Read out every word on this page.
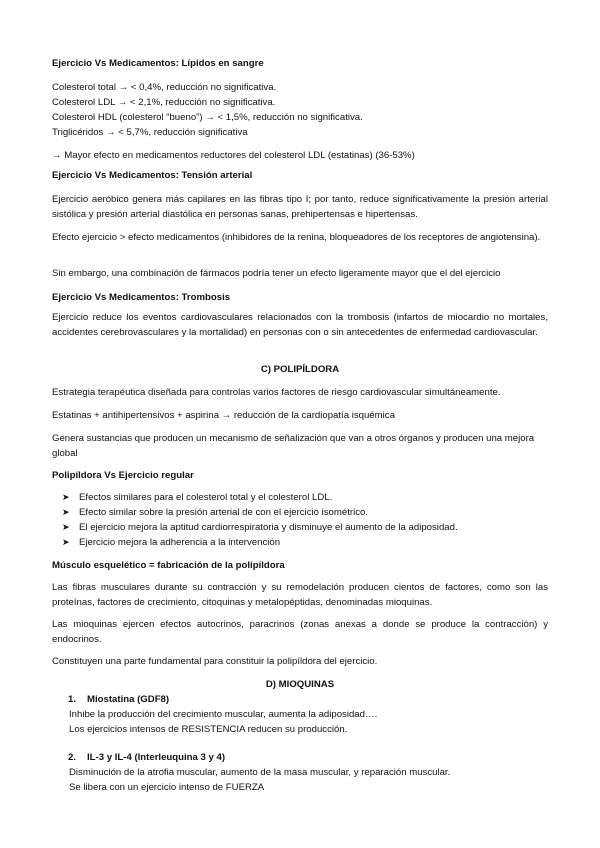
Ejercicio Vs Medicamentos: Lípidos en sangre
Colesterol total → < 0,4%, reducción no significativa.
Colesterol LDL → < 2,1%, reducción no significativa.
Colesterol HDL (colesterol “bueno”) → < 1,5%, reducción no significativa.
Triglicéridos → < 5,7%, reducción significativa
→ Mayor efecto en medicamentos reductores del colesterol LDL (estatinas) (36-53%)
Ejercicio Vs Medicamentos: Tensión arterial
Ejercicio aeróbico genera más capilares en las fibras tipo I; por tanto, reduce significativamente la presión arterial sistólica y presión arterial diastólica en personas sanas, prehipertensas e hipertensas.
Efecto ejercicio > efecto medicamentos (inhibidores de la renina, bloqueadores de los receptores de angiotensina).
Sin embargo, una combinación de fármacos podría tener un efecto ligeramente mayor que el del ejercicio
Ejercicio Vs Medicamentos: Trombosis
Ejercicio reduce los eventos cardiovasculares relacionados con la trombosis (infartos de miocardio no mortales, accidentes cerebrovasculares y la mortalidad) en personas con o sin antecedentes de enfermedad cardiovascular.
C) POLIPÍLDORA
Estrategia terapéutica diseñada para controlas varios factores de riesgo cardiovascular simultáneamente.
Estatinas + antihipertensivos + aspirina → reducción de la cardiopatía isquémica
Genera sustancias que producen un mecanismo de señalización que van a otros órganos y producen una mejora global
Polipíldora Vs Ejercicio regular
➤ Efectos similares para el colesterol total y el colesterol LDL.
➤ Efecto similar sobre la presión arterial de con el ejercicio isométrico.
➤ El ejercicio mejora la aptitud cardiorrespiratoria y disminuye el aumento de la adiposidad.
➤ Ejercicio mejora la adherencia a la intervención
Músculo esquelético = fabricación de la polipíldora
Las fibras musculares durante su contracción y su remodelación producen cientos de factores, como son las proteínas, factores de crecimiento, citoquinas y metalopéptidas, denominadas mioquinas.
Las mioquinas ejercen efectos autocrinos, paracrinos (zonas anexas a donde se produce la contracción) y endocrinos.
Constituyen una parte fundamental para constituir la polipíldora del ejercicio.
D) MIOQUINAS
1. Miostatina (GDF8)
Inhibe la producción del crecimiento muscular, aumenta la adiposidad….
Los ejercicios intensos de RESISTENCIA reducen su producción.
2. IL-3 y IL-4 (Interleuquina 3 y 4)
Disminución de la atrofia muscular, aumento de la masa muscular, y reparación muscular.
Se libera con un ejercicio intenso de FUERZA
